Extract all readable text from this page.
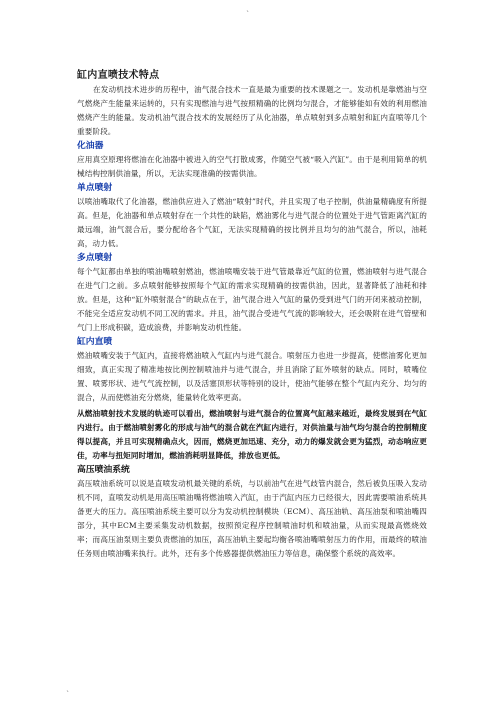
`
缸内直喷技术特点

在发动机技术进步的历程中，油气混合技术一直是最为重要的技术课题之一。发动机是靠燃油与空气燃烧产生能量来运转的，只有实现燃油与进气按照精确的比例均匀混合，才能够能如有效的利用燃油燃烧产生的能量。发动机油气混合技术的发展经历了从化油器，单点喷射到多点喷射和缸内直喷等几个重要阶段。

化油器

应用真空原理将燃油在化油器中被进入的空气打散成雾，作随空气被“吸入汽缸”。由于是利用简单的机械结构控制供油量，所以，无法实现准确的按需供油。

单点喷射

以喷油嘴取代了化油器，燃油供应进入了燃油“喷射”时代，并且实现了电子控制，供油量精确度有所提高。但是，化油器和单点喷射存在一个共性的缺陷，燃油雾化与进气混合的位置处于进气管距离汽缸的最远端，油气混合后，要分配给各个气缸，无法实现精确的按比例并且均匀的油气混合，所以，油耗高，动力低。

多点喷射

每个气缸都由单独的喷油嘴喷射燃油，燃油喷嘴安装于进气管最靠近气缸的位置，燃油喷射与进气混合在进气门之前。多点喷射能够按照每个气缸的需求实现精确的按需供油，因此，显著降低了油耗和排放。但是，这种“缸外喷射混合”的缺点在于，油气混合进入气缸的量仍受到进气门的开闭来被动控制，不能完全适应发动机不同工况的需求。并且，油气混合受进气气流的影响较大，还会吸附在进气管壁和气门上形成积碳，造成浪费，并影响发动机性能。

缸内直喷

燃油喷嘴安装于气缸内，直接将燃油喷入气缸内与进气混合。喷射压力也进一步提高，使燃油雾化更加细致，真正实现了精准地按比例控制喷油并与进气混合，并且消除了缸外喷射的缺点。同时，喷嘴位置、喷雾形状、进气气流控制，以及活塞顶形状等特别的设计，使油气能够在整个气缸内充分、均匀的混合，从而使燃油充分燃烧，能量转化效率更高。

从燃油喷射技术发展的轨迹可以看出，燃油喷射与进气混合的位置离气缸越来越近，最终发展到在气缸内进行。由于燃油喷射雾化的形成与油气的混合就在汽缸内进行，对供油量与油气均匀混合的控制精度得以提高，并且可实现精确点火，因而，燃烧更加迅速、充分，动力的爆发就会更为猛烈，动态响应更佳，功率与扭矩同时增加，燃油消耗明显降低，排放也更低。

高压喷油系统

高压喷油系统可以说是直喷发动机最关键的系统，与以前油气在进气歧管内混合，然后被负压吸入发动机不同，直喷发动机是用高压喷油嘴将燃油喷入汽缸，由于汽缸内压力已经很大，因此需要喷油系统具备更大的压力。高压喷油系统主要可以分为发动机控制模块（ECM）、高压油轨、高压油泵和喷油嘴四部分，其中ECM主要采集发动机数据，按照预定程序控制喷油时机和喷油量，从而实现最高燃烧效率；而高压油泵则主要负责燃油的加压，高压油轨主要起均衡各喷油嘴喷射压力的作用，而最终的喷油任务则由喷油嘴来执行。此外，还有多个传感器提供燃油压力等信息，确保整个系统的高效率。

`
